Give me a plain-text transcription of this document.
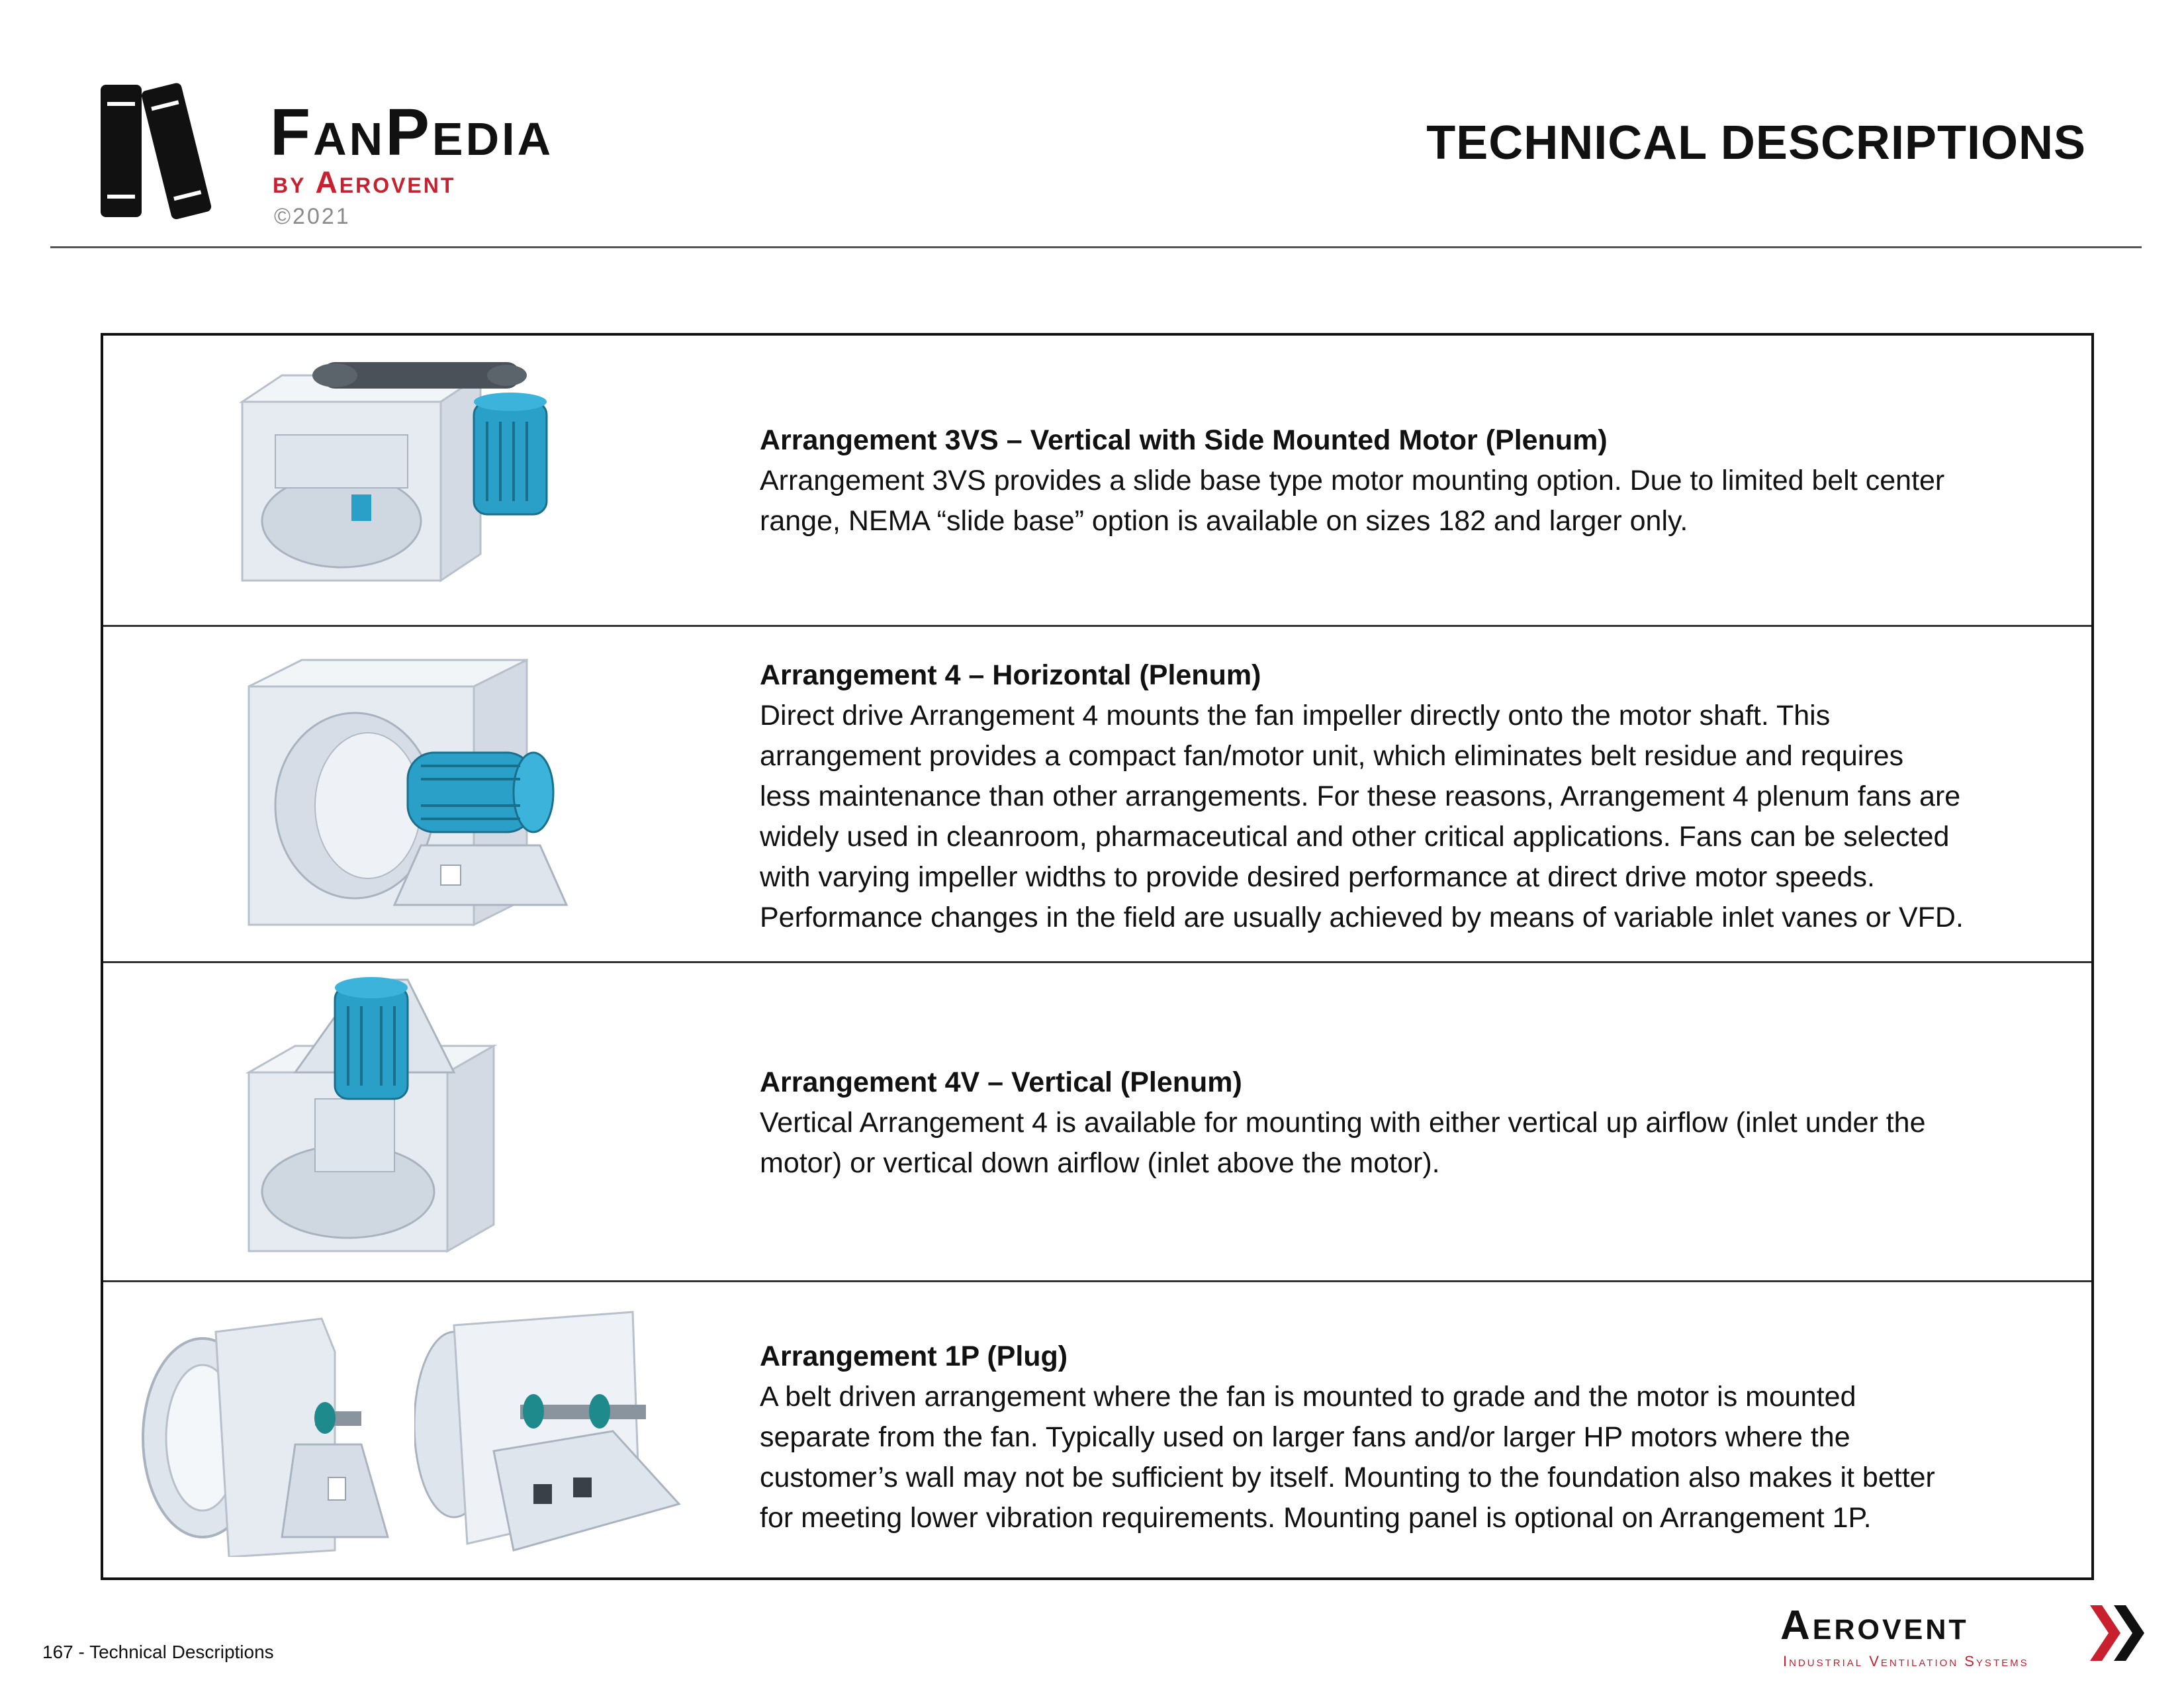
FanPedia
by Aerovent
©2021
TECHNICAL DESCRIPTIONS

Arrangement 3VS – Vertical with Side Mounted Motor (Plenum)

Arrangement 3VS provides a slide base type motor mounting option. Due to limited belt center

range, NEMA “slide base” option is available on sizes 182 and larger only.

Arrangement 4 – Horizontal (Plenum)

Direct drive Arrangement 4 mounts the fan impeller directly onto the motor shaft. This

arrangement provides a compact fan/motor unit, which eliminates belt residue and requires

less maintenance than other arrangements. For these reasons, Arrangement 4 plenum fans are

widely used in cleanroom, pharmaceutical and other critical applications. Fans can be selected

with varying impeller widths to provide desired performance at direct drive motor speeds.

Performance changes in the field are usually achieved by means of variable inlet vanes or VFD.

Arrangement 4V – Vertical (Plenum)

Vertical Arrangement 4 is available for mounting with either vertical up airflow (inlet under the

motor) or vertical down airflow (inlet above the motor).

Arrangement 1P (Plug)

A belt driven arrangement where the fan is mounted to grade and the motor is mounted

separate from the fan. Typically used on larger fans and/or larger HP motors where the

customer’s wall may not be sufficient by itself. Mounting to the foundation also makes it better

for meeting lower vibration requirements. Mounting panel is optional on Arrangement 1P.

167 - Technical Descriptions
Aerovent
Industrial Ventilation Systems
